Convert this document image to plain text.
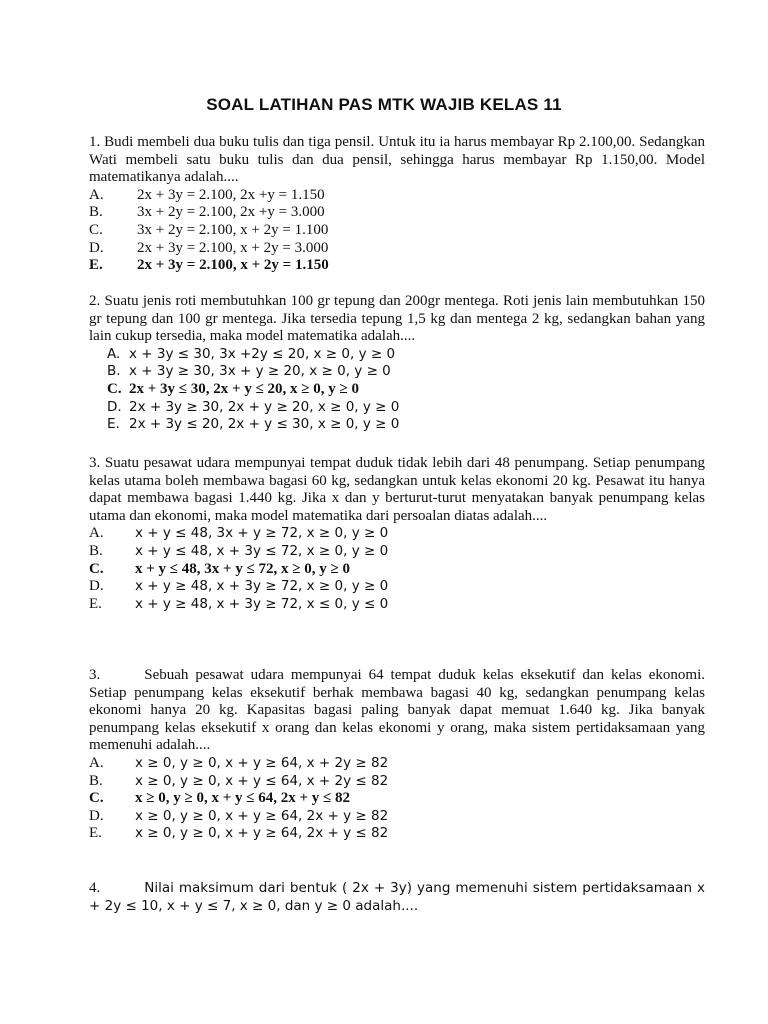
SOAL LATIHAN PAS MTK WAJIB KELAS 11
1. Budi membeli dua buku tulis dan tiga pensil. Untuk itu ia harus membayar Rp 2.100,00. Sedangkan Wati membeli satu buku tulis dan dua pensil, sehingga harus membayar Rp 1.150,00. Model matematikanya adalah....
A. 2x + 3y = 2.100, 2x +y = 1.150
B. 3x + 2y = 2.100, 2x +y = 3.000
C. 3x + 2y = 2.100, x + 2y = 1.100
D. 2x + 3y = 2.100, x + 2y = 3.000
E. 2x + 3y = 2.100, x + 2y = 1.150
2. Suatu jenis roti membutuhkan 100 gr tepung dan 200gr mentega. Roti jenis lain membutuhkan 150 gr tepung dan 100 gr mentega. Jika tersedia tepung 1,5 kg dan mentega 2 kg, sedangkan bahan yang lain cukup tersedia, maka model matematika adalah....
A. x + 3y ≤ 30, 3x +2y ≤ 20, x ≥ 0, y ≥ 0
B. x + 3y ≥ 30, 3x + y ≥ 20, x ≥ 0, y ≥ 0
C. 2x + 3y ≤ 30, 2x + y ≤ 20, x ≥ 0, y ≥ 0
D. 2x + 3y ≥ 30, 2x + y ≥ 20, x ≥ 0, y ≥ 0
E. 2x + 3y ≤ 20, 2x + y ≤ 30, x ≥ 0, y ≥ 0
3. Suatu pesawat udara mempunyai tempat duduk tidak lebih dari 48 penumpang. Setiap penumpang kelas utama boleh membawa bagasi 60 kg, sedangkan untuk kelas ekonomi 20 kg. Pesawat itu hanya dapat membawa bagasi 1.440 kg. Jika x dan y berturut-turut menyatakan banyak penumpang kelas utama dan ekonomi, maka model matematika dari persoalan diatas adalah....
A. x + y ≤ 48, 3x + y ≥ 72, x ≥ 0, y ≥ 0
B. x + y ≤ 48, x + 3y ≤ 72, x ≥ 0, y ≥ 0
C. x + y ≤ 48, 3x + y ≤ 72, x ≥ 0, y ≥ 0
D. x + y ≥ 48, x + 3y ≥ 72, x ≥ 0, y ≥ 0
E. x + y ≥ 48, x + 3y ≥ 72, x ≤ 0, y ≤ 0
3.	Sebuah pesawat udara mempunyai 64 tempat duduk kelas eksekutif dan kelas ekonomi. Setiap penumpang kelas eksekutif berhak membawa bagasi 40 kg, sedangkan penumpang kelas ekonomi hanya 20 kg. Kapasitas bagasi paling banyak dapat memuat 1.640 kg. Jika banyak penumpang kelas eksekutif x orang dan kelas ekonomi y orang, maka sistem pertidaksamaan yang memenuhi adalah....
A. x ≥ 0, y ≥ 0, x + y ≥ 64, x + 2y ≥ 82
B. x ≥ 0, y ≥ 0, x + y ≤ 64, x + 2y ≤ 82
C. x ≥ 0, y ≥ 0, x + y ≤ 64, 2x + y ≤ 82
D. x ≥ 0, y ≥ 0, x + y ≥ 64, 2x + y ≥ 82
E. x ≥ 0, y ≥ 0, x + y ≥ 64, 2x + y ≤ 82
4.	Nilai maksimum dari bentuk ( 2x + 3y) yang memenuhi sistem pertidaksamaan x + 2y ≤ 10, x + y ≤ 7, x ≥ 0, dan y ≥ 0 adalah....
